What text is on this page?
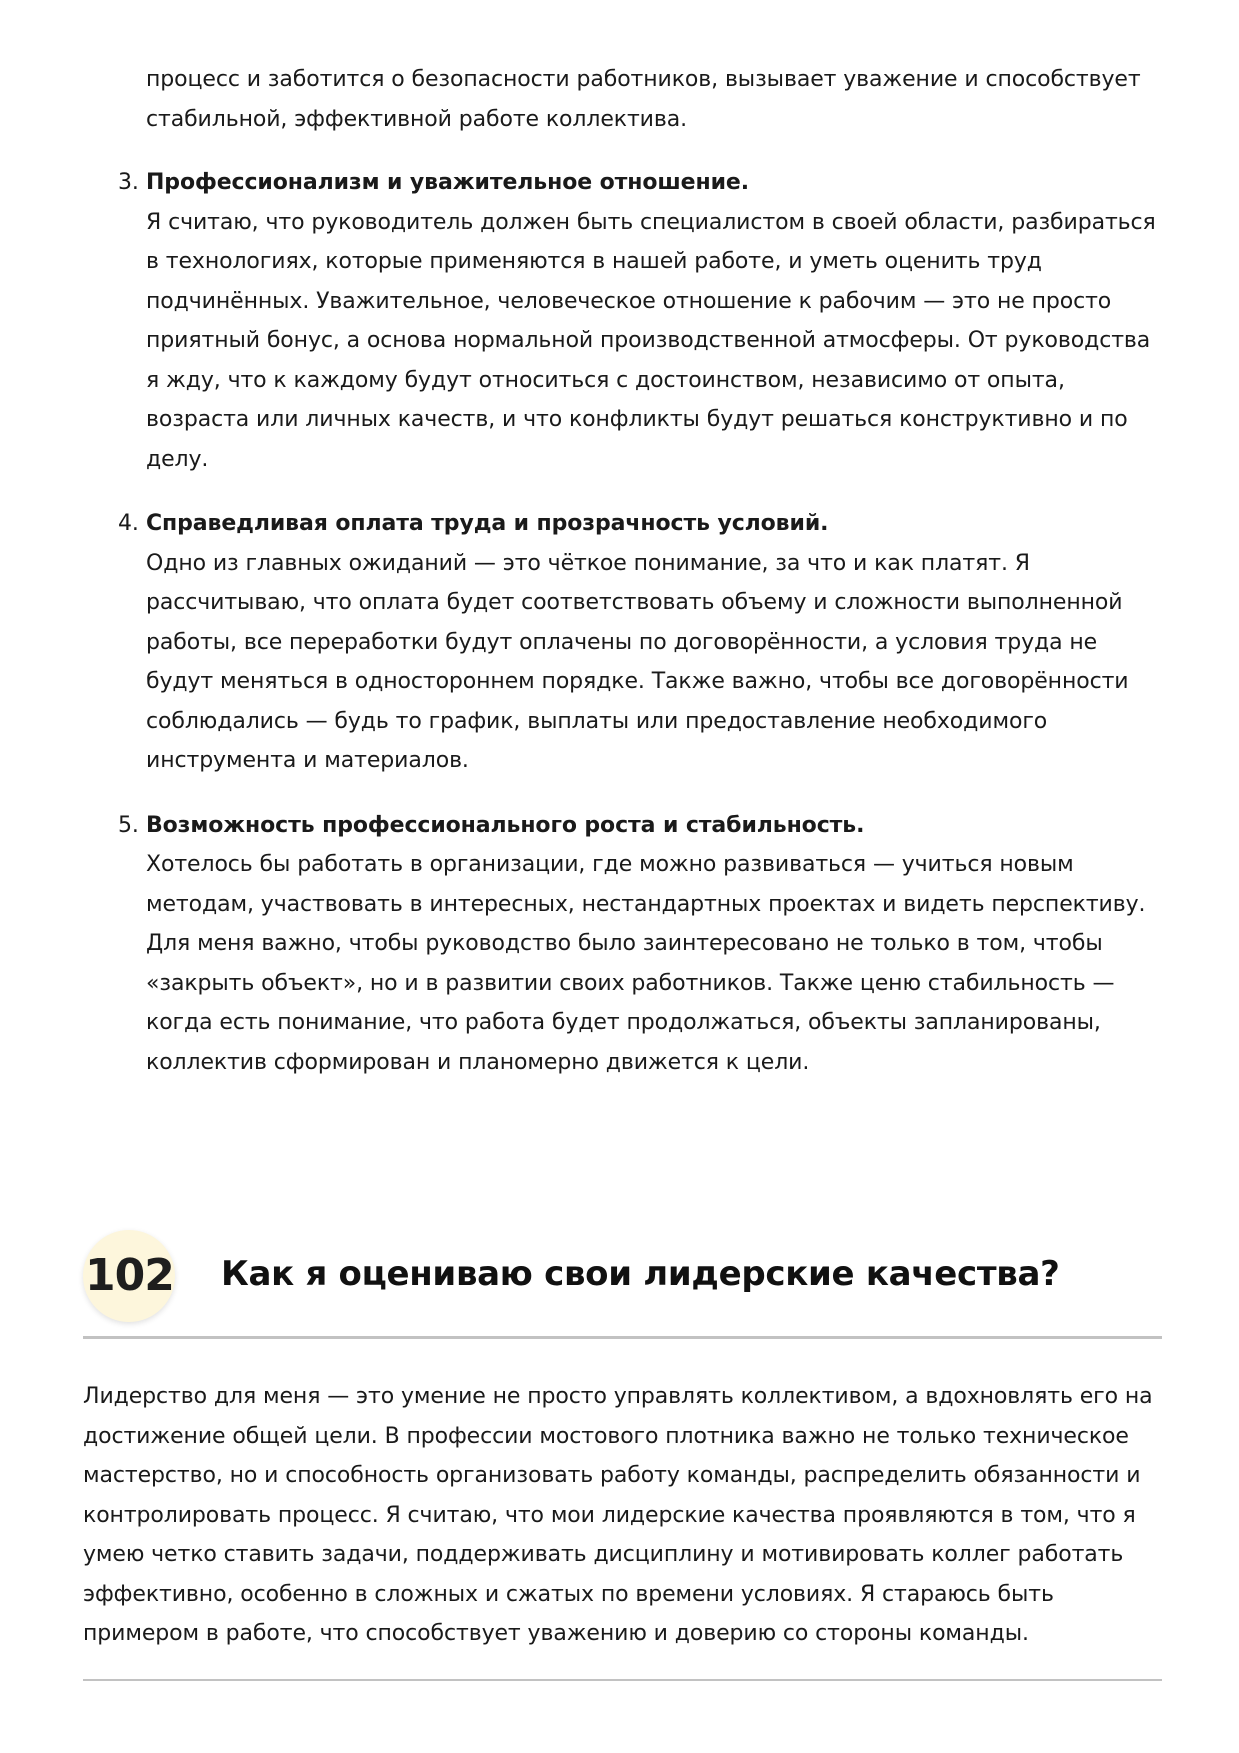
процесс и заботится о безопасности работников, вызывает уважение и способствует стабильной, эффективной работе коллектива.
3. Профессионализм и уважительное отношение.
Я считаю, что руководитель должен быть специалистом в своей области, разбираться в технологиях, которые применяются в нашей работе, и уметь оценить труд подчинённых. Уважительное, человеческое отношение к рабочим — это не просто приятный бонус, а основа нормальной производственной атмосферы. От руководства я жду, что к каждому будут относиться с достоинством, независимо от опыта, возраста или личных качеств, и что конфликты будут решаться конструктивно и по делу.
4. Справедливая оплата труда и прозрачность условий.
Одно из главных ожиданий — это чёткое понимание, за что и как платят. Я рассчитываю, что оплата будет соответствовать объему и сложности выполненной работы, все переработки будут оплачены по договорённости, а условия труда не будут меняться в одностороннем порядке. Также важно, чтобы все договорённости соблюдались — будь то график, выплаты или предоставление необходимого инструмента и материалов.
5. Возможность профессионального роста и стабильность.
Хотелось бы работать в организации, где можно развиваться — учиться новым методам, участвовать в интересных, нестандартных проектах и видеть перспективу. Для меня важно, чтобы руководство было заинтересовано не только в том, чтобы «закрыть объект», но и в развитии своих работников. Также ценю стабильность — когда есть понимание, что работа будет продолжаться, объекты запланированы, коллектив сформирован и планомерно движется к цели.
102 Как я оцениваю свои лидерские качества?
Лидерство для меня — это умение не просто управлять коллективом, а вдохновлять его на достижение общей цели. В профессии мостового плотника важно не только техническое мастерство, но и способность организовать работу команды, распределить обязанности и контролировать процесс. Я считаю, что мои лидерские качества проявляются в том, что я умею четко ставить задачи, поддерживать дисциплину и мотивировать коллег работать эффективно, особенно в сложных и сжатых по времени условиях. Я стараюсь быть примером в работе, что способствует уважению и доверию со стороны команды.
